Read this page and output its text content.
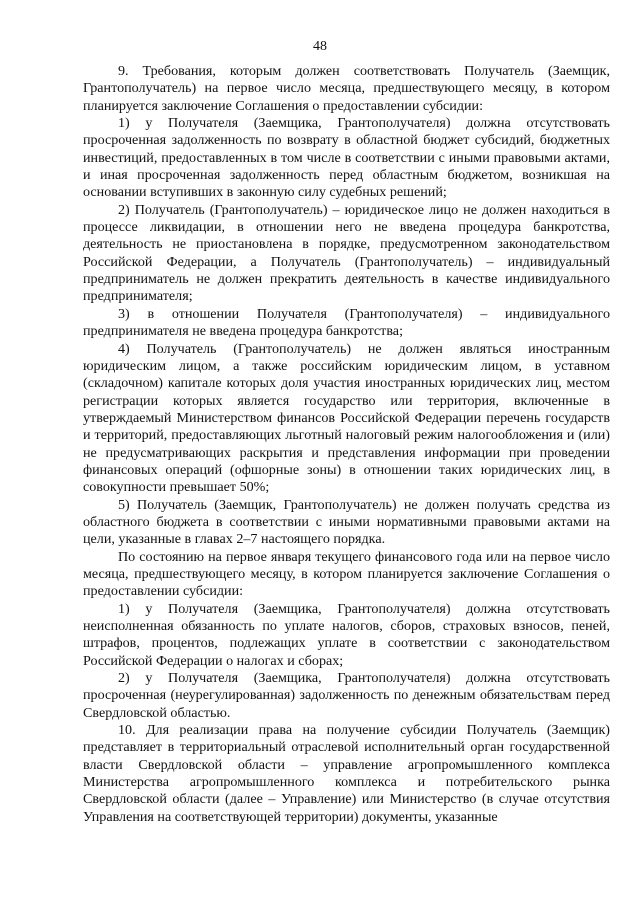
48

9. Требования, которым должен соответствовать Получатель (Заемщик, Грантополучатель) на первое число месяца, предшествующего месяцу, в котором планируется заключение Соглашения о предоставлении субсидии:

1) у Получателя (Заемщика, Грантополучателя) должна отсутствовать просроченная задолженность по возврату в областной бюджет субсидий, бюджетных инвестиций, предоставленных в том числе в соответствии с иными правовыми актами, и иная просроченная задолженность перед областным бюджетом, возникшая на основании вступивших в законную силу судебных решений;

2) Получатель (Грантополучатель) – юридическое лицо не должен находиться в процессе ликвидации, в отношении него не введена процедура банкротства, деятельность не приостановлена в порядке, предусмотренном законодательством Российской Федерации, а Получатель (Грантополучатель) – индивидуальный предприниматель не должен прекратить деятельность в качестве индивидуального предпринимателя;

3) в отношении Получателя (Грантополучателя) – индивидуального предпринимателя не введена процедура банкротства;

4) Получатель (Грантополучатель) не должен являться иностранным юридическим лицом, а также российским юридическим лицом, в уставном (складочном) капитале которых доля участия иностранных юридических лиц, местом регистрации которых является государство или территория, включенные в утверждаемый Министерством финансов Российской Федерации перечень государств и территорий, предоставляющих льготный налоговый режим налогообложения и (или) не предусматривающих раскрытия и представления информации при проведении финансовых операций (офшорные зоны) в отношении таких юридических лиц, в совокупности превышает 50%;

5) Получатель (Заемщик, Грантополучатель) не должен получать средства из областного бюджета в соответствии с иными нормативными правовыми актами на цели, указанные в главах 2–7 настоящего порядка.

По состоянию на первое января текущего финансового года или на первое число месяца, предшествующего месяцу, в котором планируется заключение Соглашения о предоставлении субсидии:

1) у Получателя (Заемщика, Грантополучателя) должна отсутствовать неисполненная обязанность по уплате налогов, сборов, страховых взносов, пеней, штрафов, процентов, подлежащих уплате в соответствии с законодательством Российской Федерации о налогах и сборах;

2) у Получателя (Заемщика, Грантополучателя) должна отсутствовать просроченная (неурегулированная) задолженность по денежным обязательствам перед Свердловской областью.

10. Для реализации права на получение субсидии Получатель (Заемщик) представляет в территориальный отраслевой исполнительный орган государственной власти Свердловской области – управление агропромышленного комплекса Министерства агропромышленного комплекса и потребительского рынка Свердловской области (далее – Управление) или Министерство (в случае отсутствия Управления на соответствующей территории) документы, указанные
